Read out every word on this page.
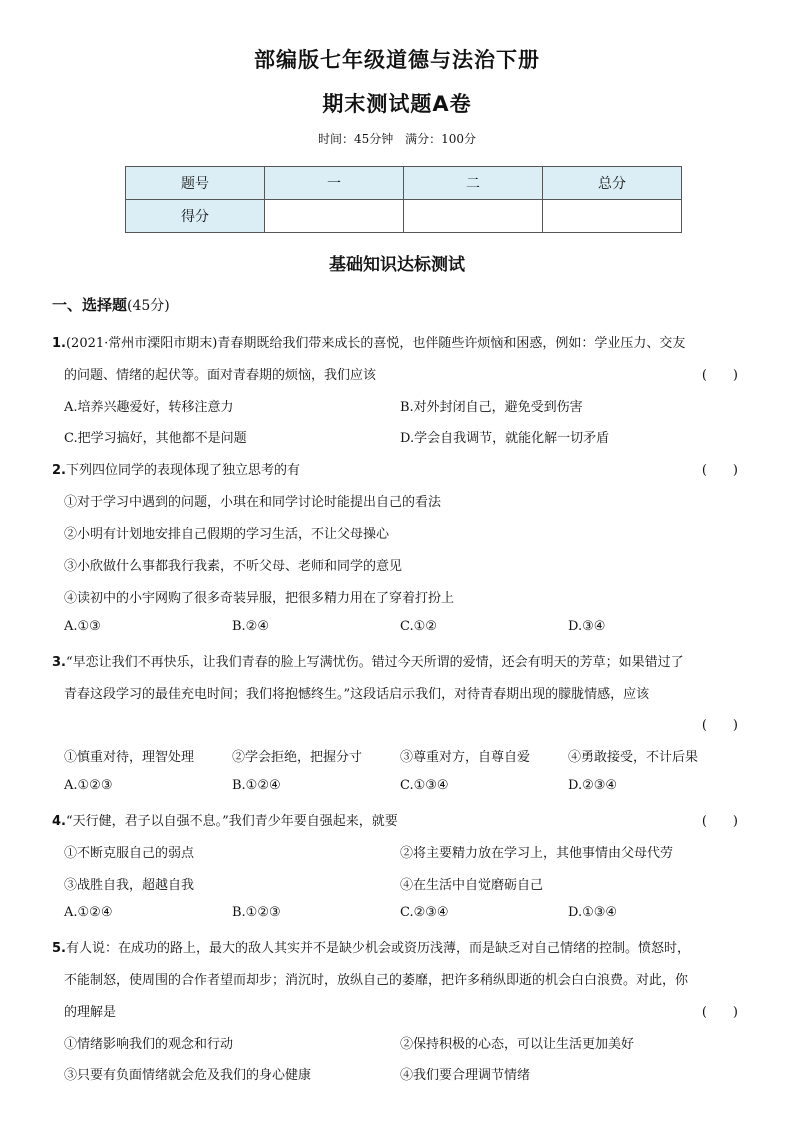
部编版七年级道德与法治下册
期末测试题A卷
时间：45分钟 满分：100分
题号	一	二	总分
得分			
基础知识达标测试
一、选择题(45分)
1.(2021·常州市溧阳市期末)青春期既给我们带来成长的喜悦，也伴随些许烦恼和困惑，例如：学业压力、交友
的问题、情绪的起伏等。面对青春期的烦恼，我们应该	(　　)
A.培养兴趣爱好，转移注意力	B.对外封闭自己，避免受到伤害
C.把学习搞好，其他都不是问题	D.学会自我调节，就能化解一切矛盾
2.下列四位同学的表现体现了独立思考的有	(　　)
①对于学习中遇到的问题，小琪在和同学讨论时能提出自己的看法
②小明有计划地安排自己假期的学习生活，不让父母操心
③小欣做什么事都我行我素，不听父母、老师和同学的意见
④读初中的小宇网购了很多奇装异服，把很多精力用在了穿着打扮上
A.①③	B.②④	C.①②	D.③④
3.“早恋让我们不再快乐，让我们青春的脸上写满忧伤。错过今天所谓的爱情，还会有明天的芳草；如果错过了
青春这段学习的最佳充电时间；我们将抱憾终生。”这段话启示我们，对待青春期出现的朦胧情感，应该
(　　)
①慎重对待，理智处理	②学会拒绝，把握分寸	③尊重对方，自尊自爱	④勇敢接受，不计后果
A.①②③	B.①②④	C.①③④	D.②③④
4.“天行健，君子以自强不息。”我们青少年要自强起来，就要	(　　)
①不断克服自己的弱点	②将主要精力放在学习上，其他事情由父母代劳
③战胜自我，超越自我	④在生活中自觉磨砺自己
A.①②④	B.①②③	C.②③④	D.①③④
5.有人说：在成功的路上，最大的敌人其实并不是缺少机会或资历浅薄，而是缺乏对自己情绪的控制。愤怒时，
不能制怒，使周围的合作者望而却步；消沉时，放纵自己的萎靡，把许多稍纵即逝的机会白白浪费。对此，你
的理解是	(　　)
①情绪影响我们的观念和行动	②保持积极的心态，可以让生活更加美好
③只要有负面情绪就会危及我们的身心健康	④我们要合理调节情绪
